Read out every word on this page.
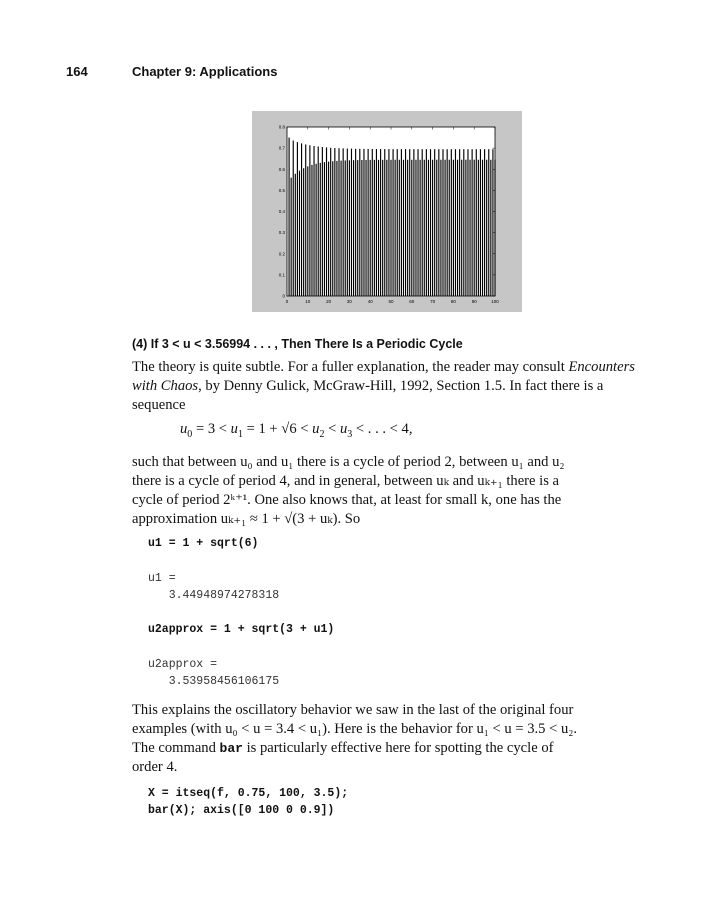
164	Chapter 9: Applications
0	10	20	30	40	50	60	70	80	90	100
0
0.1
0.2
0.3
0.4
0.5
0.6
0.7
0.8
(4) If 3 < u < 3.56994 . . . , Then There Is a Periodic Cycle

The theory is quite subtle. For a fuller explanation, the reader may consult Encounters with Chaos, by Denny Gulick, McGraw-Hill, 1992, Section 1.5. In fact there is a sequence

$u_0 = 3 < u_1 = 1 + √6 < u_2 < u_3$ < . . . < 4,

such that between u₀ and u₁ there is a cycle of period 2, between u₁ and u₂

there is a cycle of period 4, and in general, between uₖ and uₖ₊₁ there is a

cycle of period 2ᵏ⁺¹. One also knows that, at least for small k, one has the

approximation uₖ₊₁ ≈ 1 + √(3 + uₖ). So

u1 = 1 + sqrt(6)
u1 =
3.44948974278318
u2approx = 1 + sqrt(3 + u1)
u2approx =
3.53958456106175

This explains the oscillatory behavior we saw in the last of the original four

examples (with u₀ < u = 3.4 < u₁). Here is the behavior for u₁ < u = 3.5 < u₂.

The command bar is particularly effective here for spotting the cycle of

order 4.

X = itseq(f, 0.75, 100, 3.5);
bar(X); axis([0 100 0 0.9])
